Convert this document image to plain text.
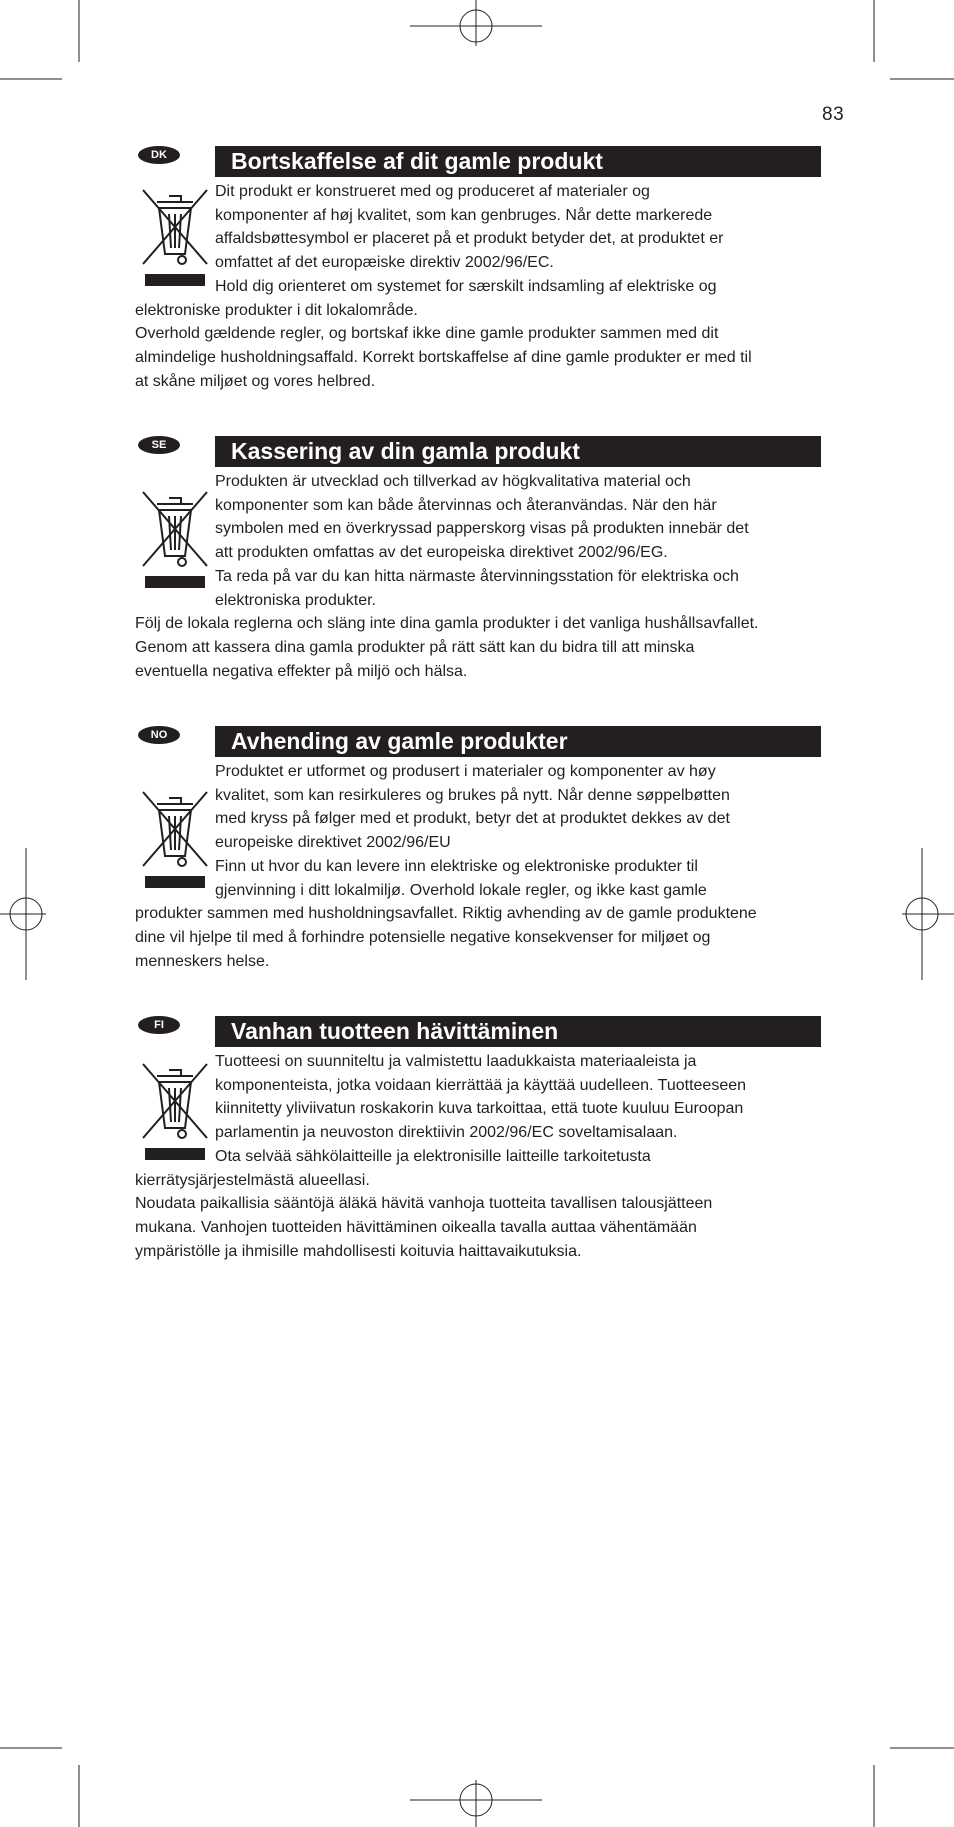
83
DK	Bortskaffelse af dit gamle produkt

Dit produkt er konstrueret med og produceret af materialer og

komponenter af høj kvalitet, som kan genbruges. Når dette markerede

affaldsbøttesymbol er placeret på et produkt betyder det, at produktet er

omfattet af det europæiske direktiv 2002/96/EC.

Hold dig orienteret om systemet for særskilt indsamling af elektriske og

elektroniske produkter i dit lokalområde.

Overhold gældende regler, og bortskaf ikke dine gamle produkter sammen med dit

almindelige husholdningsaffald. Korrekt bortskaffelse af dine gamle produkter er med til

at skåne miljøet og vores helbred.

SE	Kassering av din gamla produkt

Produkten är utvecklad och tillverkad av högkvalitativa material och

komponenter som kan både återvinnas och återanvändas. När den här

symbolen med en överkryssad papperskorg visas på produkten innebär det

att produkten omfattas av det europeiska direktivet 2002/96/EG.

Ta reda på var du kan hitta närmaste återvinningsstation för elektriska och

elektroniska produkter.

Följ de lokala reglerna och släng inte dina gamla produkter i det vanliga hushållsavfallet.

Genom att kassera dina gamla produkter på rätt sätt kan du bidra till att minska

eventuella negativa effekter på miljö och hälsa.

NO	Avhending av gamle produkter

Produktet er utformet og produsert i materialer og komponenter av høy

kvalitet, som kan resirkuleres og brukes på nytt. Når denne søppelbøtten

med kryss på følger med et produkt, betyr det at produktet dekkes av det

europeiske direktivet 2002/96/EU

Finn ut hvor du kan levere inn elektriske og elektroniske produkter til

gjenvinning i ditt lokalmiljø. Overhold lokale regler, og ikke kast gamle

produkter sammen med husholdningsavfallet. Riktig avhending av de gamle produktene

dine vil hjelpe til med å forhindre potensielle negative konsekvenser for miljøet og

menneskers helse.

FI	Vanhan tuotteen hävittäminen

Tuotteesi on suunniteltu ja valmistettu laadukkaista materiaaleista ja

komponenteista, jotka voidaan kierrättää ja käyttää uudelleen. Tuotteeseen

kiinnitetty yliviivatun roskakorin kuva tarkoittaa, että tuote kuuluu Euroopan

parlamentin ja neuvoston direktiivin 2002/96/EC soveltamisalaan.

Ota selvää sähkölaitteille ja elektronisille laitteille tarkoitetusta

kierrätysjärjestelmästä alueellasi.

Noudata paikallisia sääntöjä äläkä hävitä vanhoja tuotteita tavallisen talousjätteen

mukana. Vanhojen tuotteiden hävittäminen oikealla tavalla auttaa vähentämään

ympäristölle ja ihmisille mahdollisesti koituvia haittavaikutuksia.
